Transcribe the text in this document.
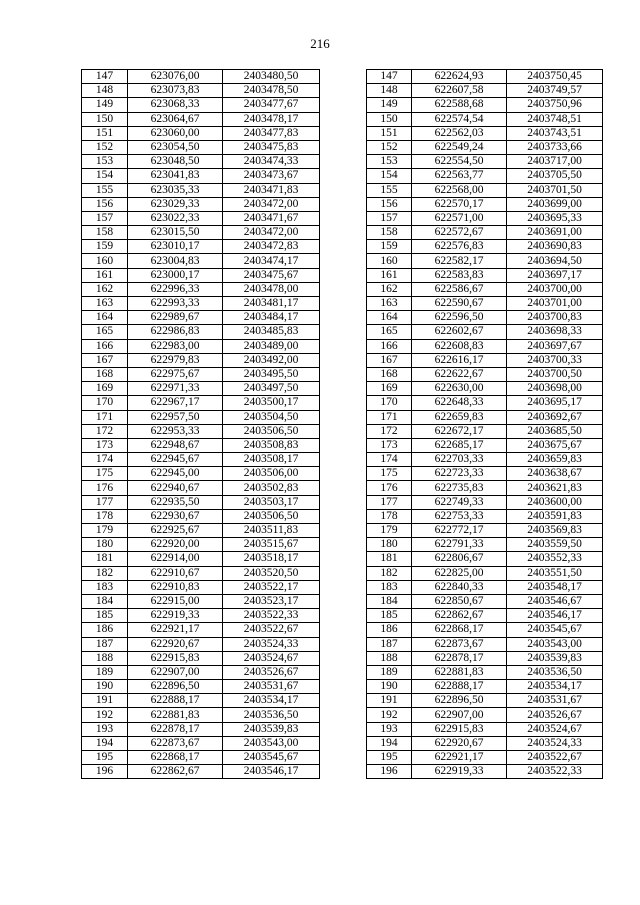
216
147	623076,00	2403480,50		147	622624,93	2403750,45
148	623073,83	2403478,50		148	622607,58	2403749,57
149	623068,33	2403477,67		149	622588,68	2403750,96
150	623064,67	2403478,17		150	622574,54	2403748,51
151	623060,00	2403477,83		151	622562,03	2403743,51
152	623054,50	2403475,83		152	622549,24	2403733,66
153	623048,50	2403474,33		153	622554,50	2403717,00
154	623041,83	2403473,67		154	622563,77	2403705,50
155	623035,33	2403471,83		155	622568,00	2403701,50
156	623029,33	2403472,00		156	622570,17	2403699,00
157	623022,33	2403471,67		157	622571,00	2403695,33
158	623015,50	2403472,00		158	622572,67	2403691,00
159	623010,17	2403472,83		159	622576,83	2403690,83
160	623004,83	2403474,17		160	622582,17	2403694,50
161	623000,17	2403475,67		161	622583,83	2403697,17
162	622996,33	2403478,00		162	622586,67	2403700,00
163	622993,33	2403481,17		163	622590,67	2403701,00
164	622989,67	2403484,17		164	622596,50	2403700,83
165	622986,83	2403485,83		165	622602,67	2403698,33
166	622983,00	2403489,00		166	622608,83	2403697,67
167	622979,83	2403492,00		167	622616,17	2403700,33
168	622975,67	2403495,50		168	622622,67	2403700,50
169	622971,33	2403497,50		169	622630,00	2403698,00
170	622967,17	2403500,17		170	622648,33	2403695,17
171	622957,50	2403504,50		171	622659,83	2403692,67
172	622953,33	2403506,50		172	622672,17	2403685,50
173	622948,67	2403508,83		173	622685,17	2403675,67
174	622945,67	2403508,17		174	622703,33	2403659,83
175	622945,00	2403506,00		175	622723,33	2403638,67
176	622940,67	2403502,83		176	622735,83	2403621,83
177	622935,50	2403503,17		177	622749,33	2403600,00
178	622930,67	2403506,50		178	622753,33	2403591,83
179	622925,67	2403511,83		179	622772,17	2403569,83
180	622920,00	2403515,67		180	622791,33	2403559,50
181	622914,00	2403518,17		181	622806,67	2403552,33
182	622910,67	2403520,50		182	622825,00	2403551,50
183	622910,83	2403522,17		183	622840,33	2403548,17
184	622915,00	2403523,17		184	622850,67	2403546,67
185	622919,33	2403522,33		185	622862,67	2403546,17
186	622921,17	2403522,67		186	622868,17	2403545,67
187	622920,67	2403524,33		187	622873,67	2403543,00
188	622915,83	2403524,67		188	622878,17	2403539,83
189	622907,00	2403526,67		189	622881,83	2403536,50
190	622896,50	2403531,67		190	622888,17	2403534,17
191	622888,17	2403534,17		191	622896,50	2403531,67
192	622881,83	2403536,50		192	622907,00	2403526,67
193	622878,17	2403539,83		193	622915,83	2403524,67
194	622873,67	2403543,00		194	622920,67	2403524,33
195	622868,17	2403545,67		195	622921,17	2403522,67
196	622862,67	2403546,17		196	622919,33	2403522,33
